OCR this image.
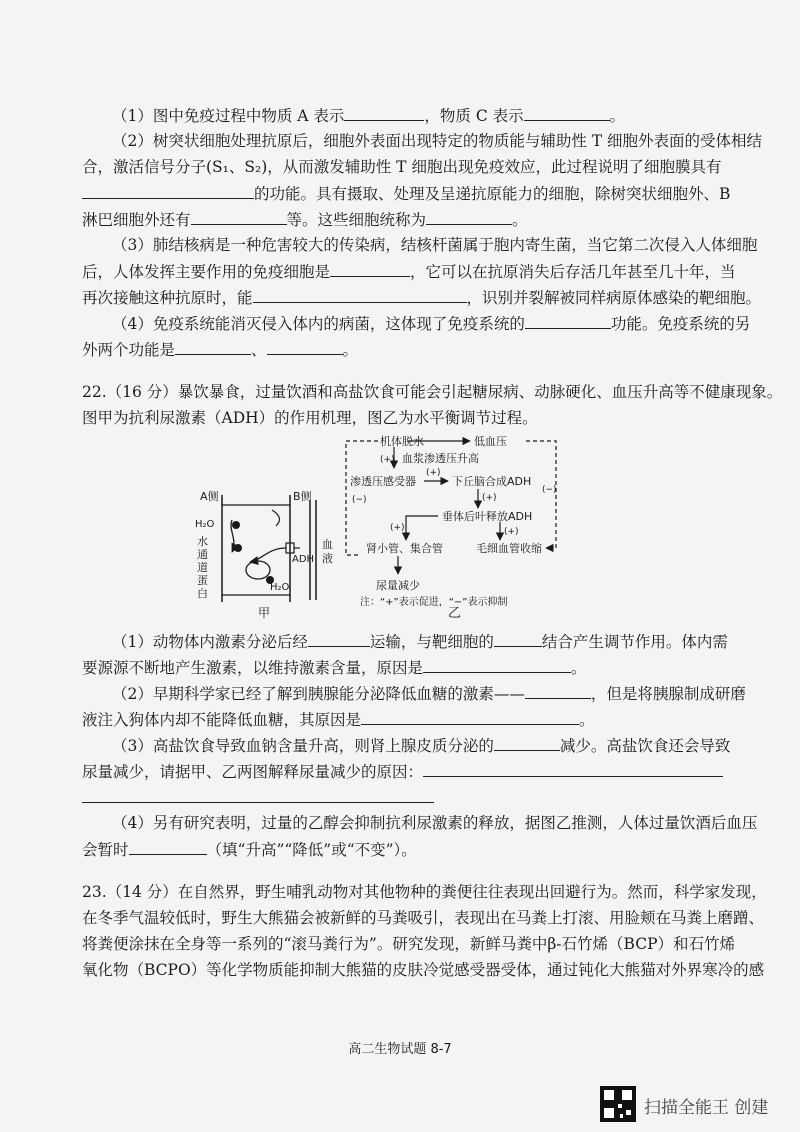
（1）图中免疫过程中物质 A 表示	，物质 C 表示	。
（2）树突状细胞处理抗原后，细胞外表面出现特定的物质能与辅助性 T 细胞外表面的受体相结
合，激活信号分子(S₁、S₂)，从而激发辅助性 T 细胞出现免疫效应，此过程说明了细胞膜具有
的功能。具有摄取、处理及呈递抗原能力的细胞，除树突状细胞外、B
淋巴细胞外还有	等。这些细胞统称为	。
（3）肺结核病是一种危害较大的传染病，结核杆菌属于胞内寄生菌，当它第二次侵入人体细胞
后，人体发挥主要作用的免疫细胞是	，它可以在抗原消失后存活几年甚至几十年，当
再次接触这种抗原时，能	，识别并裂解被同样病原体感染的靶细胞。
（4）免疫系统能消灭侵入体内的病菌，这体现了免疫系统的	功能。免疫系统的另
外两个功能是	、	。
22.（16 分）暴饮暴食，过量饮酒和高盐饮食可能会引起糖尿病、动脉硬化、血压升高等不健康现象。
图甲为抗利尿激素（ADH）的作用机理，图乙为水平衡调节过程。
A侧	B侧
H₂O
H₂O
水
通
道
蛋
白
ADH
血
液
甲
机体脱水	低血压
(+) 血浆渗透压升高
渗透压感受器
(+)
下丘脑合成ADH
(−)
(−)
(+)
垂体后叶释放ADH
(+)	(+)
肾小管、集合管	毛细血管收缩
尿量减少
注：“+”表示促进，“−”表示抑制
乙
（1）动物体内激素分泌后经	运输，与靶细胞的	结合产生调节作用。体内需
要源源不断地产生激素，以维持激素含量，原因是	。
（2）早期科学家已经了解到胰腺能分泌降低血糖的激素——	，但是将胰腺制成研磨
液注入狗体内却不能降低血糖，其原因是	。
（3）高盐饮食导致血钠含量升高，则肾上腺皮质分泌的	减少。高盐饮食还会导致
尿量减少，请据甲、乙两图解释尿量减少的原因：
（4）另有研究表明，过量的乙醇会抑制抗利尿激素的释放，据图乙推测，人体过量饮酒后血压
会暂时	（填“升高”“降低”或“不变”）。
23.（14 分）在自然界，野生哺乳动物对其他物种的粪便往往表现出回避行为。然而，科学家发现，
在冬季气温较低时，野生大熊猫会被新鲜的马粪吸引，表现出在马粪上打滚、用脸颊在马粪上磨蹭、
将粪便涂抹在全身等一系列的“滚马粪行为”。研究发现，新鲜马粪中β-石竹烯（BCP）和石竹烯
氧化物（BCPO）等化学物质能抑制大熊猫的皮肤冷觉感受器受体，通过钝化大熊猫对外界寒冷的感
高二生物试题 8-7
扫描全能王 创建
